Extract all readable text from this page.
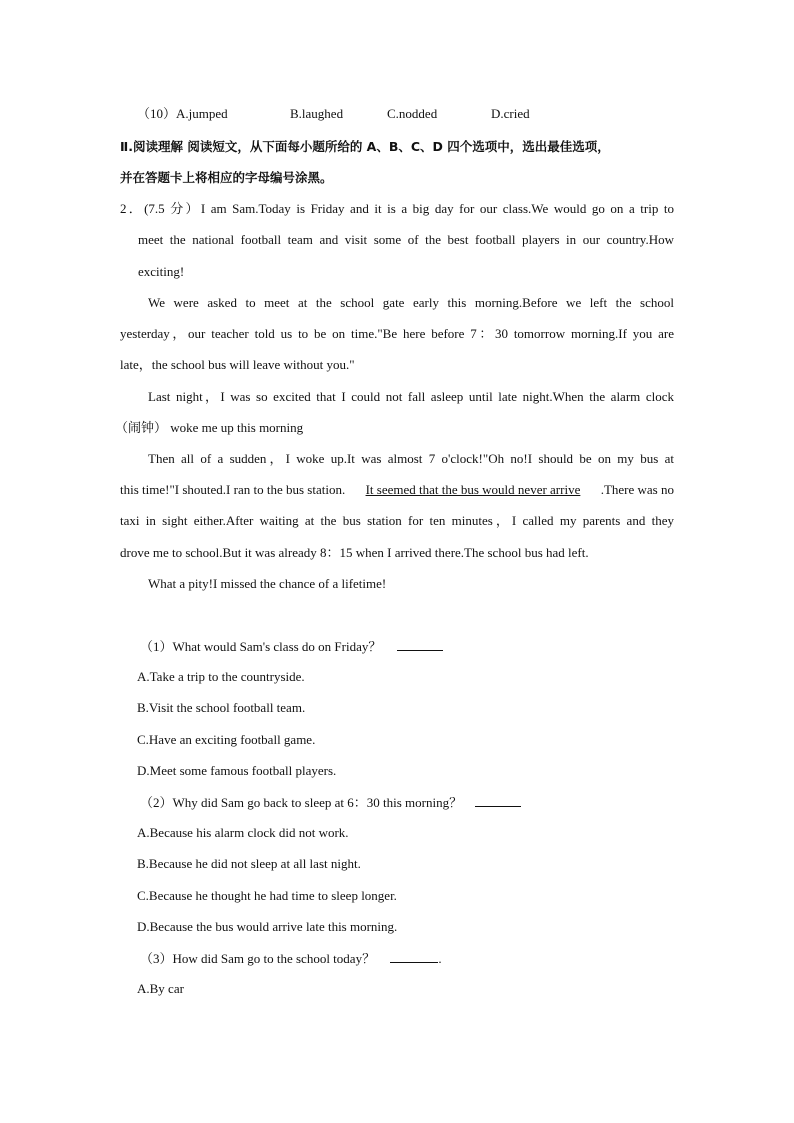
（10）A.jumped	B.laughed	C.nodded	D.cried
Ⅱ.阅读理解 阅读短文，从下面每小题所给的 A、B、C、D 四个选项中，选出最佳选项，
并在答题卡上将相应的字母编号涂黑。
2．(7.5 分）I am Sam.Today is Friday and it is a big day for our class.We would go on a trip to
meet the national football team and visit some of the best football players in our country.How
exciting!
We were asked to meet at the school gate early this morning.Before we left the school
yesterday，our teacher told us to be on time."Be here before 7：30 tomorrow morning.If you are
late，the school bus will leave without you."
Last night，I was so excited that I could not fall asleep until late night.When the alarm clock
（闹钟） woke me up this morning
Then all of a sudden，I woke up.It was almost 7 o'clock!"Oh no!I should be on my bus at
this time!"I shouted.I ran to the bus station. It seemed that the bus would never arrive .There was no
taxi in sight either.After waiting at the bus station for ten minutes，I called my parents and they
drove me to school.But it was already 8：15 when I arrived there.The school bus had left.
What a pity!I missed the chance of a lifetime!
（1）What would Sam's class do on Friday？
A.Take a trip to the countryside.
B.Visit the school football team.
C.Have an exciting football game.
D.Meet some famous football players.
（2）Why did Sam go back to sleep at 6：30 this morning？
A.Because his alarm clock did not work.
B.Because he did not sleep at all last night.
C.Because he thought he had time to sleep longer.
D.Because the bus would arrive late this morning.
（3）How did Sam go to the school today？	.
A.By car
